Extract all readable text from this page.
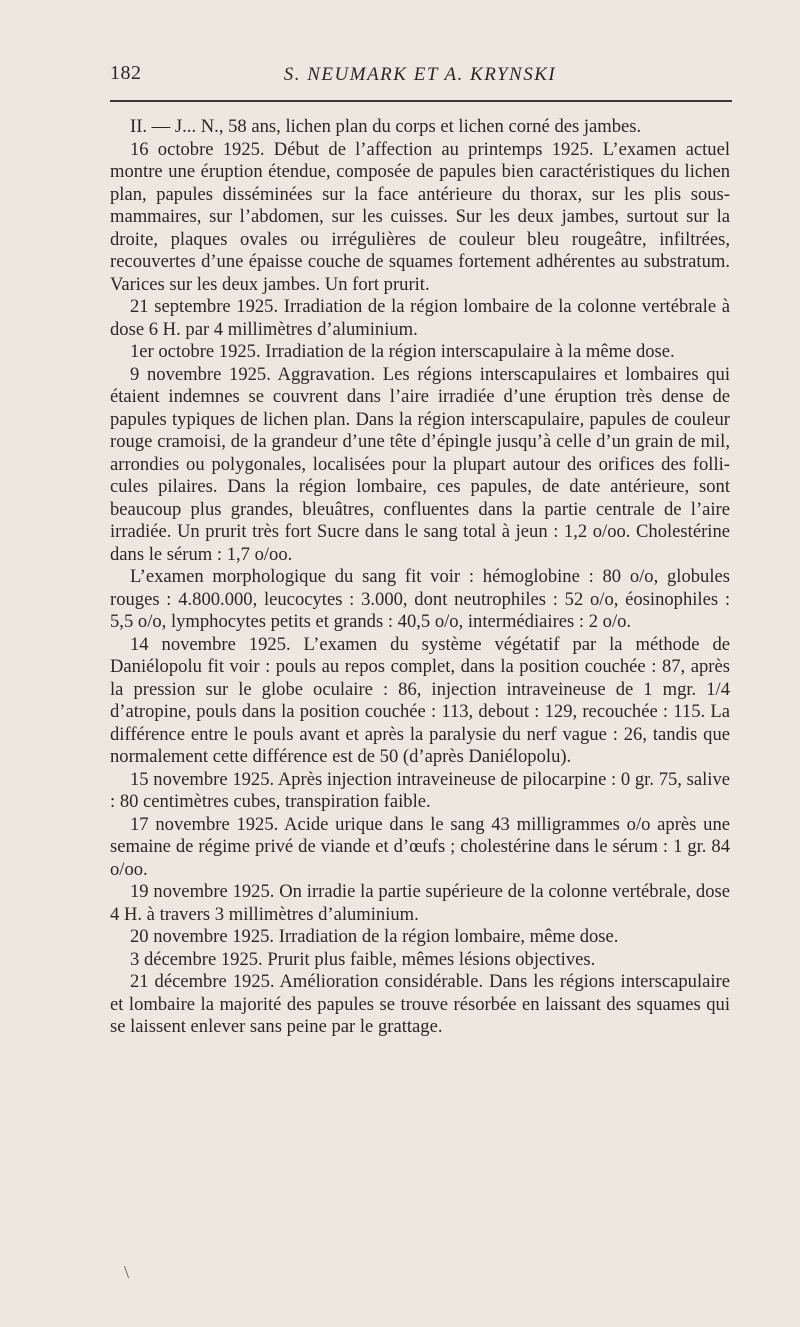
182	S. NEUMARK ET A. KRYNSKI

II. — J... N., 58 ans, lichen plan du corps et lichen corné des jambes.

16 octobre 1925. Début de l’affection au printemps 1925. L’examen actuel montre une éruption étendue, composée de papules bien caractéristiques du lichen plan, papules disséminées sur la face antérieure du thorax, sur les plis sous-mammaires, sur l’abdomen, sur les cuisses. Sur les deux jambes, surtout sur la droite, plaques ovales ou irrégulières de couleur bleu rougeâtre, infiltrées, recouvertes d’une épaisse couche de squames fortement adhérentes au substratum. Varices sur les deux jambes. Un fort prurit.

21 septembre 1925. Irradiation de la région lombaire de la colonne vertébrale à dose 6 H. par 4 millimètres d’aluminium.

1er octobre 1925. Irradiation de la région interscapulaire à la même dose.

9 novembre 1925. Aggravation. Les régions interscapulaires et lombaires qui étaient indemnes se couvrent dans l’aire irradiée d’une éruption très dense de papules typiques de lichen plan. Dans la région interscapulaire, papules de couleur rouge cramoisi, de la grandeur d’une tête d’épingle jusqu’à celle d’un grain de mil, arrondies ou polygonales, localisées pour la plupart autour des orifices des follicules pilaires. Dans la région lombaire, ces papules, de date antérieure, sont beaucoup plus grandes, bleuâtres, confluentes dans la partie centrale de l’aire irradiée. Un prurit très fort Sucre dans le sang total à jeun : 1,2 o/oo. Cholestérine dans le sérum : 1,7 o/oo.

L’examen morphologique du sang fit voir : hémoglobine : 80 o/o, globules rouges : 4.800.000, leucocytes : 3.000, dont neutrophiles : 52 o/o, éosinophiles : 5,5 o/o, lymphocytes petits et grands : 40,5 o/o, intermédiaires : 2 o/o.

14 novembre 1925. L’examen du système végétatif par la méthode de Daniélopolu fit voir : pouls au repos complet, dans la position couchée : 87, après la pression sur le globe oculaire : 86, injection intraveineuse de 1 mgr. 1/4 d’atropine, pouls dans la position couchée : 113, debout : 129, recouchée : 115. La différence entre le pouls avant et après la paralysie du nerf vague : 26, tandis que normalement cette différence est de 50 (d’après Daniélopolu).

15 novembre 1925. Après injection intraveineuse de pilocarpine : 0 gr. 75, salive : 80 centimètres cubes, transpiration faible.

17 novembre 1925. Acide urique dans le sang 43 milligrammes o/o après une semaine de régime privé de viande et d’œufs ; cholestérine dans le sérum : 1 gr. 84 o/oo.

19 novembre 1925. On irradie la partie supérieure de la colonne vertébrale, dose 4 H. à travers 3 millimètres d’aluminium.

20 novembre 1925. Irradiation de la région lombaire, même dose.

3 décembre 1925. Prurit plus faible, mêmes lésions objectives.

21 décembre 1925. Amélioration considérable. Dans les régions interscapulaire et lombaire la majorité des papules se trouve résorbée en laissant des squames qui se laissent enlever sans peine par le grattage.

\
